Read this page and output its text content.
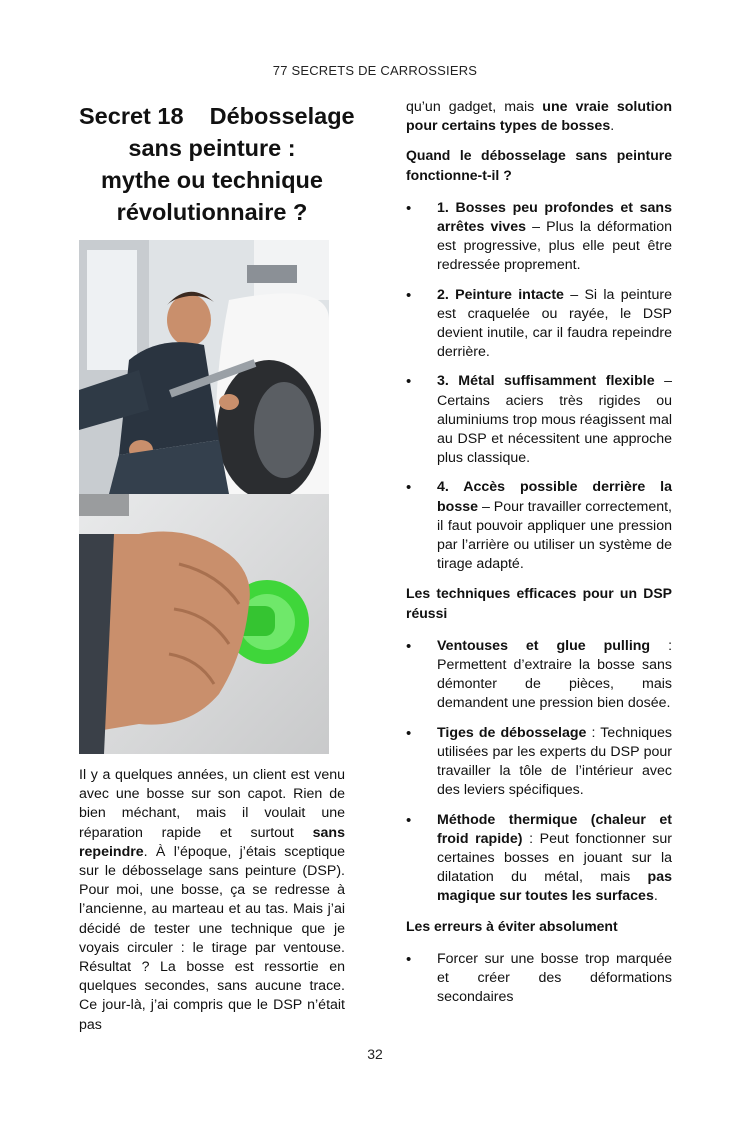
77 SECRETS DE CARROSSIERS
Secret 18    Débosselage
sans peinture :
mythe ou technique
révolutionnaire ?

Il y a quelques années, un client est venu avec une bosse sur son capot. Rien de bien méchant, mais il voulait une réparation rapide et surtout sans repeindre. À l’époque, j’étais sceptique sur le débosselage sans peinture (DSP). Pour moi, une bosse, ça se redresse à l’ancienne, au marteau et au tas. Mais j’ai décidé de tester une technique que je voyais circuler : le tirage par ventouse. Résultat ? La bosse est ressortie en quelques secondes, sans aucune trace. Ce jour-là, j’ai compris que le DSP n’était pas

qu’un gadget, mais une vraie solution pour certains types de bosses.

Quand le débosselage sans peinture fonctionne-t-il ?
• 1. Bosses peu profondes et sans arrêtes vives – Plus la déformation est progressive, plus elle peut être redressée proprement.
• 2. Peinture intacte – Si la peinture est craquelée ou rayée, le DSP devient inutile, car il faudra repeindre derrière.
• 3. Métal suffisamment flexible – Certains aciers très rigides ou aluminiums trop mous réagissent mal au DSP et nécessitent une approche plus classique.
• 4. Accès possible derrière la bosse – Pour travailler correctement, il faut pouvoir appliquer une pression par l’arrière ou utiliser un système de tirage adapté.
Les techniques efficaces pour un DSP réussi
• Ventouses et glue pulling : Permettent d’extraire la bosse sans démonter de pièces, mais demandent une pression bien dosée.
• Tiges de débosselage : Techniques utilisées par les experts du DSP pour travailler la tôle de l’intérieur avec des leviers spécifiques.
• Méthode thermique (chaleur et froid rapide) : Peut fonctionner sur certaines bosses en jouant sur la dilatation du métal, mais pas magique sur toutes les surfaces.
Les erreurs à éviter absolument
• Forcer sur une bosse trop marquée et créer des déformations secondaires
32
